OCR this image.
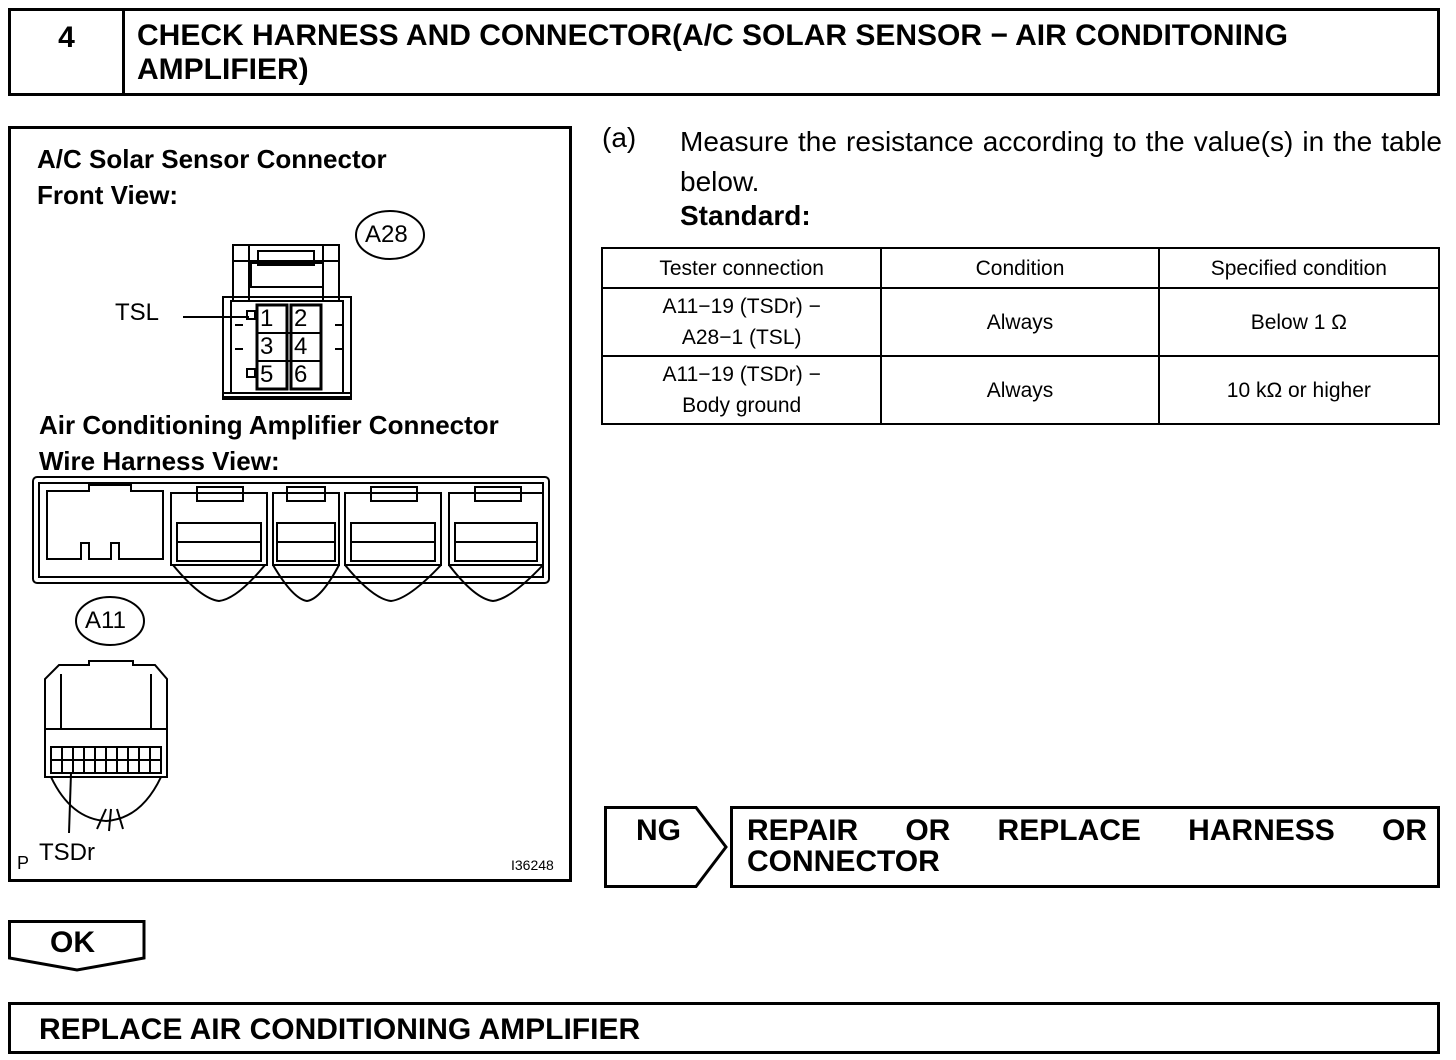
4	CHECK HARNESS AND CONNECTOR(A/C SOLAR SENSOR − AIR CONDITONING AMPLIFIER)
A/C Solar Sensor Connector
Front View:
TSL
A28
1 2
3 4
5 6
Air Conditioning Amplifier Connector
Wire Harness View:
A11
TSDr
P	I36248
(a) Measure the resistance according to the value(s) in the table below.
Standard:
Tester connection	Condition	Specified condition

A11−19 (TSDr) −
A28−1 (TSL)	Always	Below 1 Ω

A11−19 (TSDr) −
Body ground	Always	10 kΩ or higher
NG REPAIR OR REPLACE HARNESS OR CONNECTOR
OK
REPLACE AIR CONDITIONING AMPLIFIER
